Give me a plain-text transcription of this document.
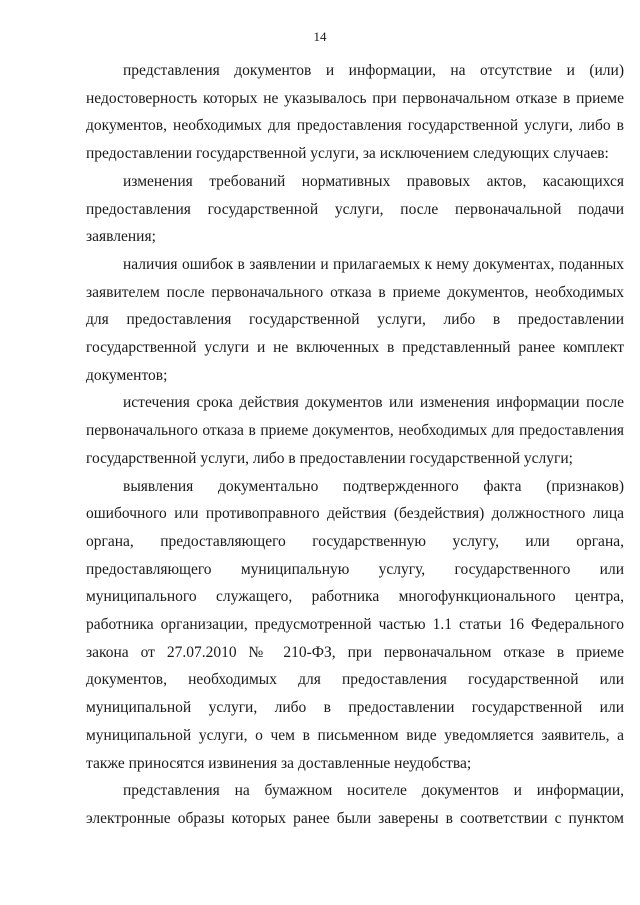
14

представления документов и информации, на отсутствие и (или) недостоверность которых не указывалось при первоначальном отказе в приеме документов, необходимых для предоставления государственной услуги, либо в предоставлении государственной услуги, за исключением следующих случаев:

изменения требований нормативных правовых актов, касающихся предоставления государственной услуги, после первоначальной подачи заявления;

наличия ошибок в заявлении и прилагаемых к нему документах, поданных заявителем после первоначального отказа в приеме документов, необходимых для предоставления государственной услуги, либо в предоставлении государственной услуги и не включенных в представленный ранее комплект документов;

истечения срока действия документов или изменения информации после первоначального отказа в приеме документов, необходимых для предоставления государственной услуги, либо в предоставлении государственной услуги;

выявления документально подтвержденного факта (признаков) ошибочного или противоправного действия (бездействия) должностного лица органа, предоставляющего государственную услугу, или органа, предоставляющего муниципальную услугу, государственного или муниципального служащего, работника многофункционального центра, работника организации, предусмотренной частью 1.1 статьи 16 Федерального закона от 27.07.2010 № 210-ФЗ, при первоначальном отказе в приеме документов, необходимых для предоставления государственной или муниципальной услуги, либо в предоставлении государственной или муниципальной услуги, о чем в письменном виде уведомляется заявитель, а также приносятся извинения за доставленные неудобства;

представления на бумажном носителе документов и информации, электронные образы которых ранее были заверены в соответствии с пунктом
